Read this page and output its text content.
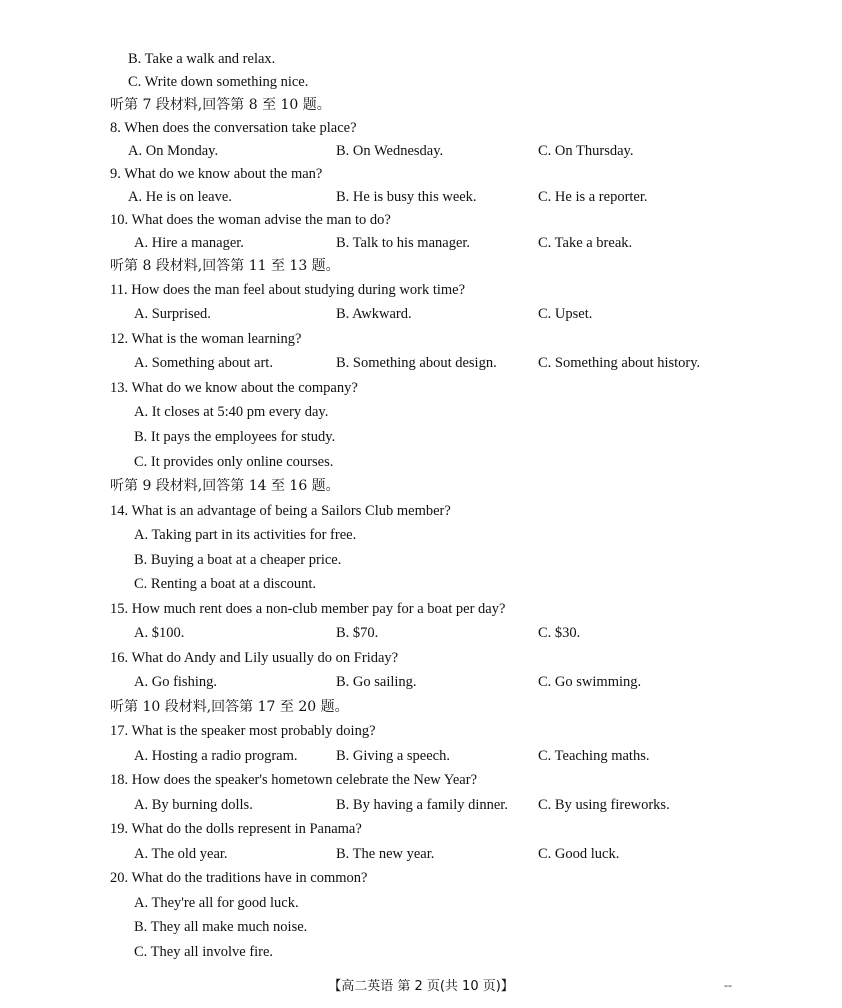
B. Take a walk and relax.
C. Write down something nice.
听第 7 段材料,回答第 8 至 10 题。
8. When does the conversation take place?
A. On Monday.	B. On Wednesday.	C. On Thursday.
9. What do we know about the man?
A. He is on leave.	B. He is busy this week.	C. He is a reporter.
10. What does the woman advise the man to do?
A. Hire a manager.	B. Talk to his manager.	C. Take a break.
听第 8 段材料,回答第 11 至 13 题。
11. How does the man feel about studying during work time?
A. Surprised.	B. Awkward.	C. Upset.
12. What is the woman learning?
A. Something about art.	B. Something about design.	C. Something about history.
13. What do we know about the company?
A. It closes at 5:40 pm every day.
B. It pays the employees for study.
C. It provides only online courses.
听第 9 段材料,回答第 14 至 16 题。
14. What is an advantage of being a Sailors Club member?
A. Taking part in its activities for free.
B. Buying a boat at a cheaper price.
C. Renting a boat at a discount.
15. How much rent does a non-club member pay for a boat per day?
A. $100.	B. $70.	C. $30.
16. What do Andy and Lily usually do on Friday?
A. Go fishing.	B. Go sailing.	C. Go swimming.
听第 10 段材料,回答第 17 至 20 题。
17. What is the speaker most probably doing?
A. Hosting a radio program.	B. Giving a speech.	C. Teaching maths.
18. How does the speaker's hometown celebrate the New Year?
A. By burning dolls.	B. By having a family dinner. C. By using fireworks.
19. What do the dolls represent in Panama?
A. The old year.	B. The new year.	C. Good luck.
20. What do the traditions have in common?
A. They're all for good luck.
B. They all make much noise.
C. They all involve fire.
【高二英语 第 2 页(共 10 页)】	--
